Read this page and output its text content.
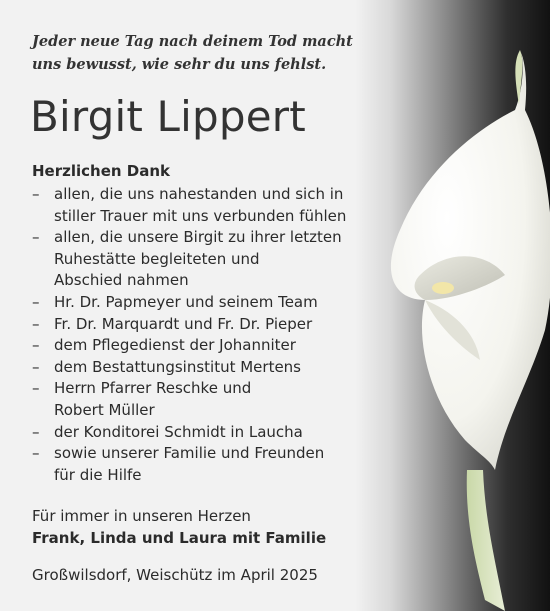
Jeder neue Tag nach deinem Tod macht
uns bewusst, wie sehr du uns fehlst.

Birgit Lippert
Herzlichen Dank
– allen, die uns nahestanden und sich in
stiller Trauer mit uns verbunden fühlen
– allen, die unsere Birgit zu ihrer letzten
Ruhestätte begleiteten und
Abschied nahmen
– Hr. Dr. Papmeyer und seinem Team
– Fr. Dr. Marquardt und Fr. Dr. Pieper
– dem Pflegedienst der Johanniter
– dem Bestattungsinstitut Mertens
– Herrn Pfarrer Reschke und
Robert Müller
– der Konditorei Schmidt in Laucha
– sowie unserer Familie und Freunden
für die Hilfe

Für immer in unseren Herzen
Frank, Linda und Laura mit Familie

Großwilsdorf, Weischütz im April 2025
